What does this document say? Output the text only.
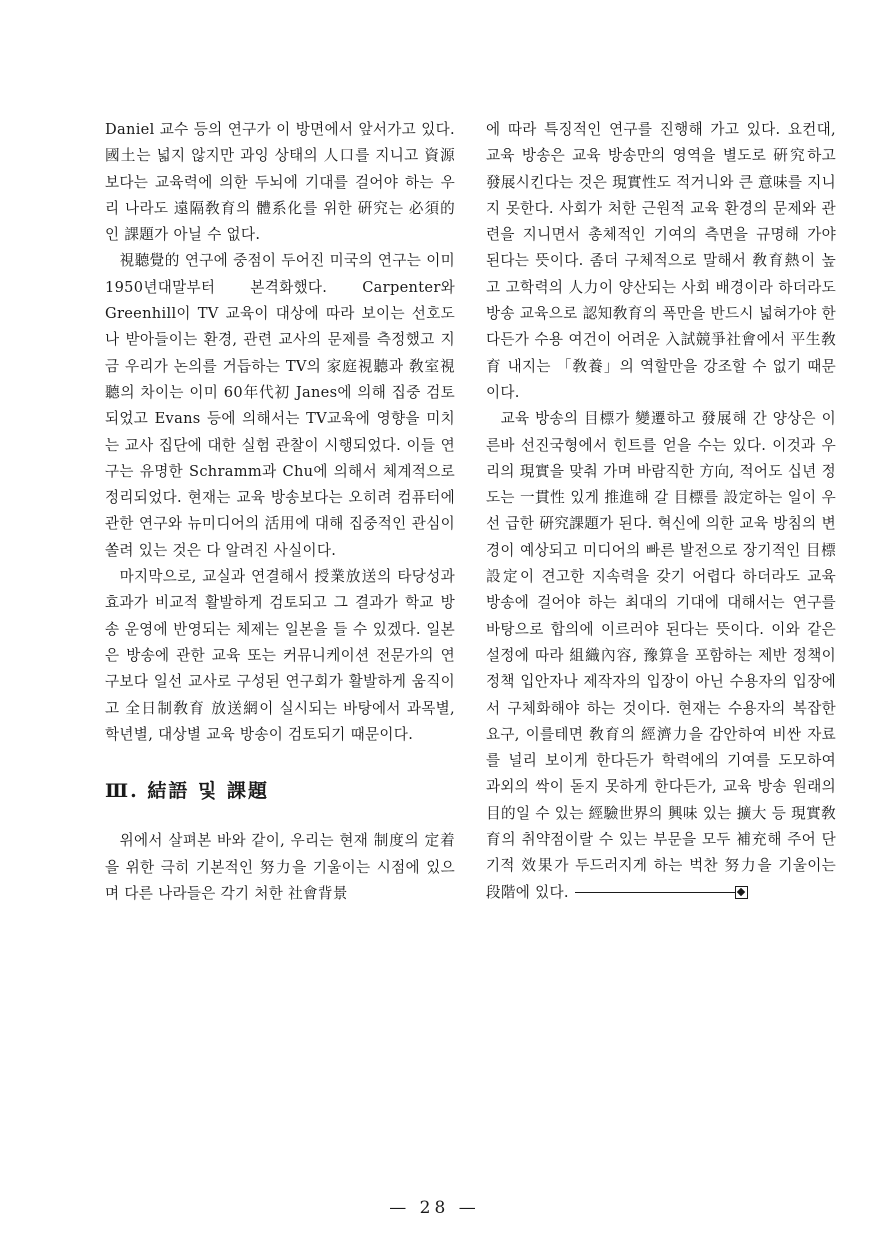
Daniel 교수 등의 연구가 이 방면에서 앞서가고 있다. 國土는 넓지 않지만 과잉 상태의 人口를 지니고 資源보다는 교육력에 의한 두뇌에 기대를 걸어야 하는 우리 나라도 遠隔敎育의 體系化를 위한 硏究는 必須的인 課題가 아닐 수 없다.

視聽覺的 연구에 중점이 두어진 미국의 연구는 이미 1950년대말부터 본격화했다. Carpenter와 Greenhill이 TV 교육이 대상에 따라 보이는 선호도나 받아들이는 환경, 관련 교사의 문제를 측정했고 지금 우리가 논의를 거듭하는 TV의 家庭視聽과 敎室視聽의 차이는 이미 60年代初 Janes에 의해 집중 검토되었고 Evans 등에 의해서는 TV교육에 영향을 미치는 교사 집단에 대한 실험 관찰이 시행되었다. 이들 연구는 유명한 Schramm과 Chu에 의해서 체계적으로 정리되었다. 현재는 교육 방송보다는 오히려 컴퓨터에 관한 연구와 뉴미디어의 活用에 대해 집중적인 관심이 쏠려 있는 것은 다 알려진 사실이다.

마지막으로, 교실과 연결해서 授業放送의 타당성과 효과가 비교적 활발하게 검토되고 그 결과가 학교 방송 운영에 반영되는 체제는 일본을 들 수 있겠다. 일본은 방송에 관한 교육 또는 커뮤니케이션 전문가의 연구보다 일선 교사로 구성된 연구회가 활발하게 움직이고 全日制敎育 放送網이 실시되는 바탕에서 과목별, 학년별, 대상별 교육 방송이 검토되기 때문이다.

Ⅲ. 結語 및 課題

위에서 살펴본 바와 같이, 우리는 현재 制度의 定着을 위한 극히 기본적인 努力을 기울이는 시점에 있으며 다른 나라들은 각기 처한 社會背景

에 따라 특징적인 연구를 진행해 가고 있다. 요컨대, 교육 방송은 교육 방송만의 영역을 별도로 硏究하고 發展시킨다는 것은 現實性도 적거니와 큰 意味를 지니지 못한다. 사회가 처한 근원적 교육 환경의 문제와 관련을 지니면서 총체적인 기여의 측면을 규명해 가야 된다는 뜻이다. 좀더 구체적으로 말해서 敎育熱이 높고 고학력의 人力이 양산되는 사회 배경이라 하더라도 방송 교육으로 認知敎育의 폭만을 반드시 넓혀가야 한다든가 수용 여건이 어려운 入試競爭社會에서 平生敎育 내지는 「敎養」의 역할만을 강조할 수 없기 때문이다.

교육 방송의 目標가 變遷하고 發展해 간 양상은 이른바 선진국형에서 힌트를 얻을 수는 있다. 이것과 우리의 現實을 맞춰 가며 바람직한 方向, 적어도 십년 정도는 一貫性 있게 推進해 갈 目標를 設定하는 일이 우선 급한 硏究課題가 된다. 혁신에 의한 교육 방침의 변경이 예상되고 미디어의 빠른 발전으로 장기적인 目標設定이 견고한 지속력을 갖기 어렵다 하더라도 교육 방송에 걸어야 하는 최대의 기대에 대해서는 연구를 바탕으로 합의에 이르러야 된다는 뜻이다. 이와 같은 설정에 따라 組織內容, 豫算을 포함하는 제반 정책이 정책 입안자나 제작자의 입장이 아닌 수용자의 입장에서 구체화해야 하는 것이다. 현재는 수용자의 복잡한 요구, 이를테면 敎育의 經濟力을 감안하여 비싼 자료를 널리 보이게 한다든가 학력에의 기여를 도모하여 과외의 싹이 돋지 못하게 한다든가, 교육 방송 원래의 目的일 수 있는 經驗世界의 興味 있는 擴大 등 現實敎育의 취약점이랄 수 있는 부문을 모두 補充해 주어 단기적 效果가 두드러지게 하는 벅찬 努力을 기울이는 段階에 있다.

— 28 —
